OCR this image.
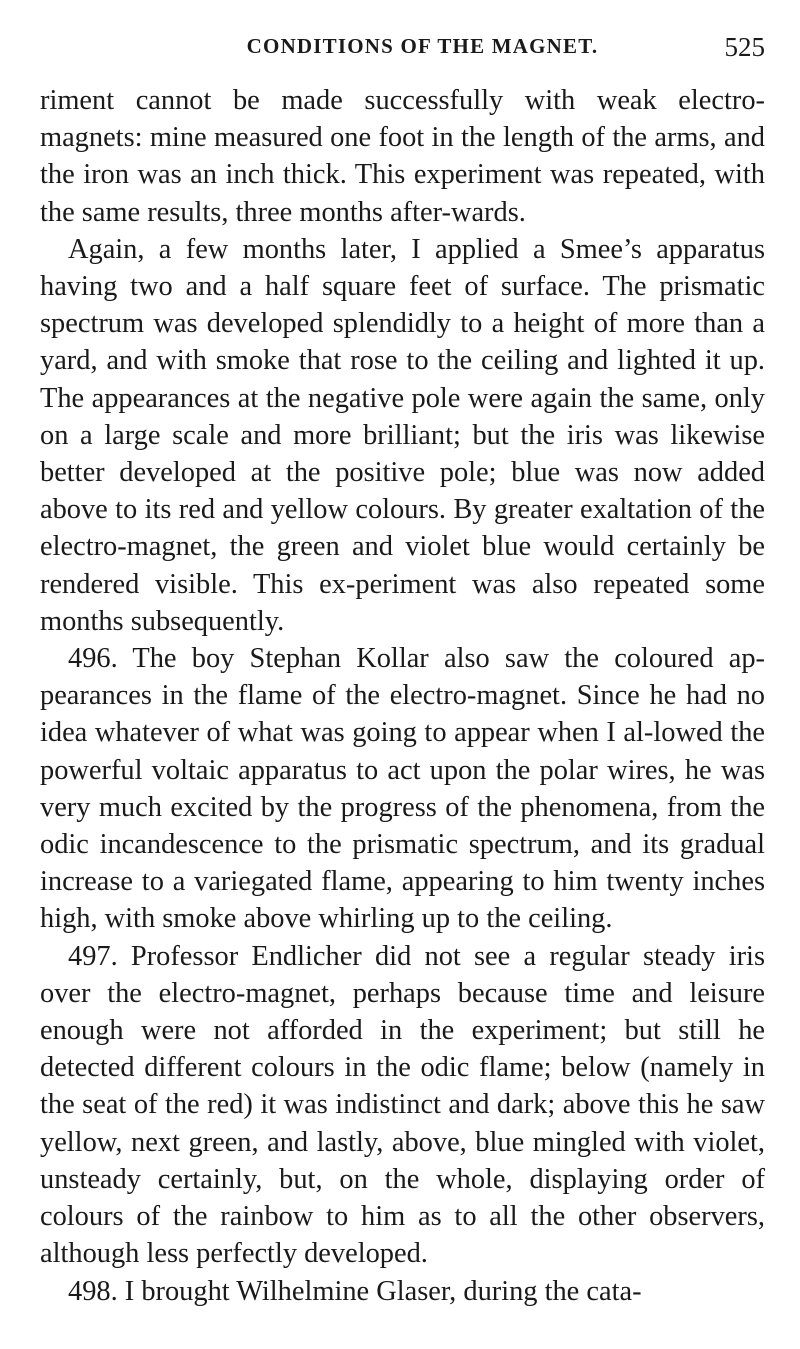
CONDITIONS OF THE MAGNET.	525

riment cannot be made successfully with weak electro-magnets: mine measured one foot in the length of the arms, and the iron was an inch thick. This experiment was repeated, with the same results, three months after-wards.

Again, a few months later, I applied a Smee’s apparatus having two and a half square feet of surface. The prismatic spectrum was developed splendidly to a height of more than a yard, and with smoke that rose to the ceiling and lighted it up. The appearances at the negative pole were again the same, only on a large scale and more brilliant; but the iris was likewise better developed at the positive pole; blue was now added above to its red and yellow colours. By greater exaltation of the electro-magnet, the green and violet blue would certainly be rendered visible. This ex-periment was also repeated some months subsequently.

496. The boy Stephan Kollar also saw the coloured ap-pearances in the flame of the electro-magnet. Since he had no idea whatever of what was going to appear when I al-lowed the powerful voltaic apparatus to act upon the polar wires, he was very much excited by the progress of the phenomena, from the odic incandescence to the prismatic spectrum, and its gradual increase to a variegated flame, appearing to him twenty inches high, with smoke above whirling up to the ceiling.

497. Professor Endlicher did not see a regular steady iris over the electro-magnet, perhaps because time and leisure enough were not afforded in the experiment; but still he detected different colours in the odic flame; below (namely in the seat of the red) it was indistinct and dark; above this he saw yellow, next green, and lastly, above, blue mingled with violet, unsteady certainly, but, on the whole, displaying order of colours of the rainbow to him as to all the other observers, although less perfectly developed.

498. I brought Wilhelmine Glaser, during the cata-
